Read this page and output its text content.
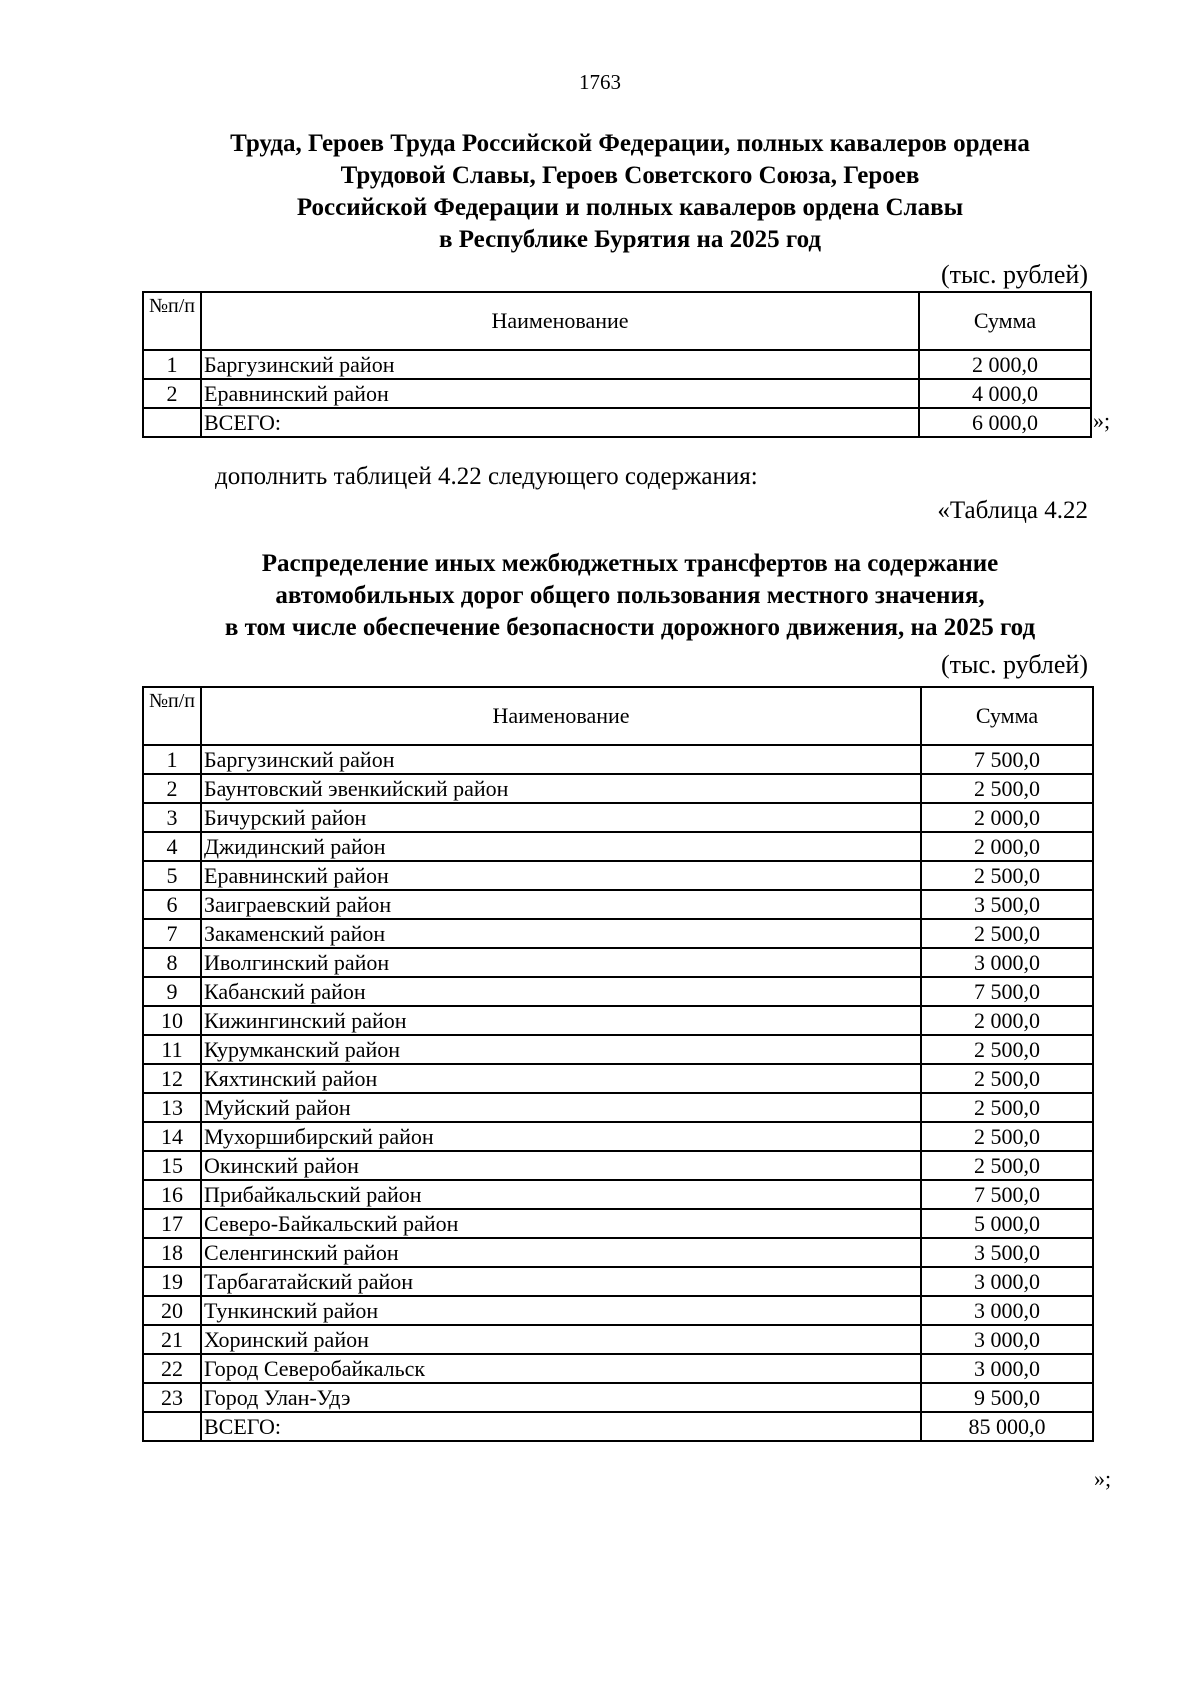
1763
Труда, Героев Труда Российской Федерации, полных кавалеров ордена
Трудовой Славы, Героев Советского Союза, Героев
Российской Федерации и полных кавалеров ордена Славы
в Республике Бурятия на 2025 год
(тыс. рублей)
№п/п	Наименование	Сумма
1	Баргузинский район	2 000,0
2	Еравнинский район	4 000,0
	ВСЕГО:	6 000,0	»;
дополнить таблицей 4.22 следующего содержания:
«Таблица 4.22
Распределение иных межбюджетных трансфертов на содержание
автомобильных дорог общего пользования местного значения,
в том числе обеспечение безопасности дорожного движения, на 2025 год
(тыс. рублей)
№п/п	Наименование	Сумма
1	Баргузинский район	7 500,0
2	Баунтовский эвенкийский район	2 500,0
3	Бичурский район	2 000,0
4	Джидинский район	2 000,0
5	Еравнинский район	2 500,0
6	Заиграевский район	3 500,0
7	Закаменский район	2 500,0
8	Иволгинский район	3 000,0
9	Кабанский район	7 500,0
10	Кижингинский район	2 000,0
11	Курумканский район	2 500,0
12	Кяхтинский район	2 500,0
13	Муйский район	2 500,0
14	Мухоршибирский район	2 500,0
15	Окинский район	2 500,0
16	Прибайкальский район	7 500,0
17	Северо-Байкальский район	5 000,0
18	Селенгинский район	3 500,0
19	Тарбагатайский район	3 000,0
20	Тункинский район	3 000,0
21	Хоринский район	3 000,0
22	Город Северобайкальск	3 000,0
23	Город Улан-Удэ	9 500,0
	ВСЕГО:	85 000,0
»;
